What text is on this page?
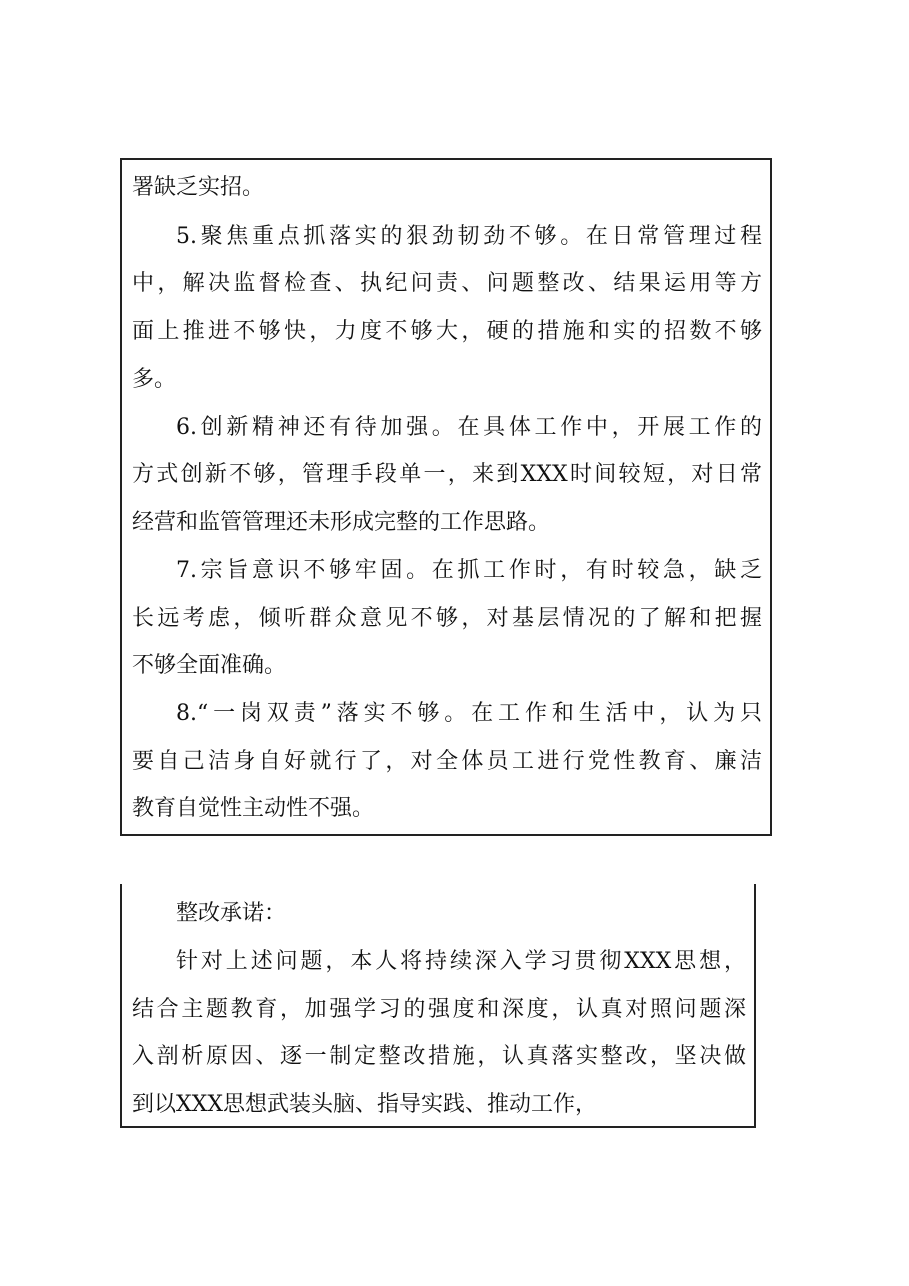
署缺乏实招。
5.聚焦重点抓落实的狠劲韧劲不够。在日常管理过程
中，解决监督检查、执纪问责、问题整改、结果运用等方
面上推进不够快，力度不够大，硬的措施和实的招数不够
多。
6.创新精神还有待加强。在具体工作中，开展工作的
方式创新不够，管理手段单一，来到XXX时间较短，对日常
经营和监管管理还未形成完整的工作思路。
7.宗旨意识不够牢固。在抓工作时，有时较急，缺乏
长远考虑，倾听群众意见不够，对基层情况的了解和把握
不够全面准确。
8.“一岗双责”落实不够。在工作和生活中，认为只
要自己洁身自好就行了，对全体员工进行党性教育、廉洁
教育自觉性主动性不强。
整改承诺：
针对上述问题，本人将持续深入学习贯彻XXX思想，
结合主题教育，加强学习的强度和深度，认真对照问题深
入剖析原因、逐一制定整改措施，认真落实整改，坚决做
到以XXX思想武装头脑、指导实践、推动工作，
